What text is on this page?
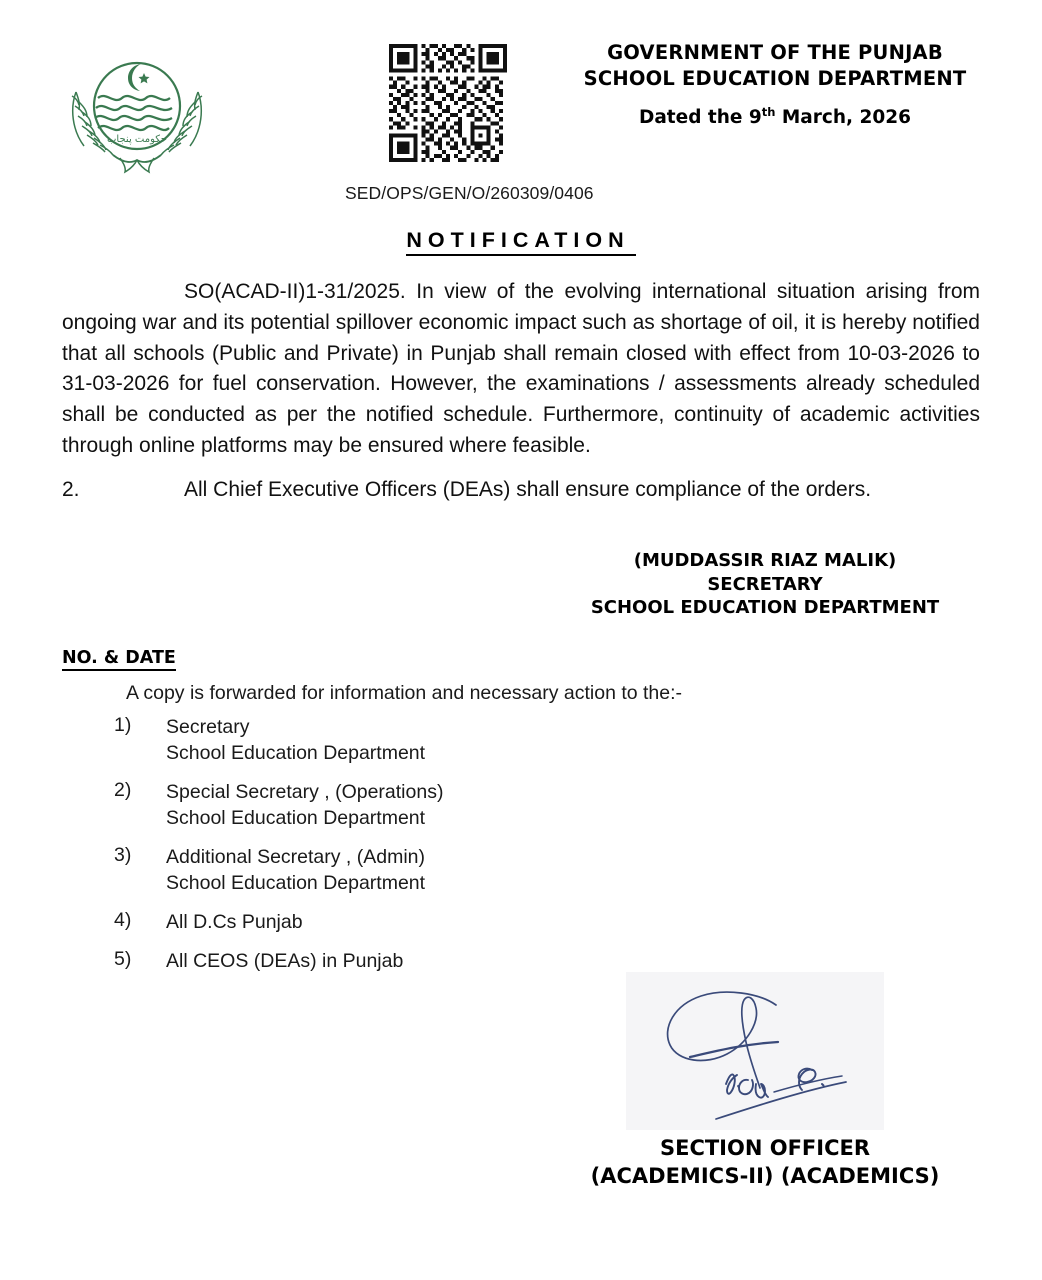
حکومت پنجاب
GOVERNMENT OF THE PUNJAB
SCHOOL EDUCATION DEPARTMENT
Dated the 9th March, 2026
SED/OPS/GEN/O/260309/0406
NOTIFICATION

SO(ACAD-II)1-31/2025. In view of the evolving international situation arising from ongoing war and its potential spillover economic impact such as shortage of oil, it is hereby notified that all schools (Public and Private) in Punjab shall remain closed with effect from 10-03-2026 to 31-03-2026 for fuel conservation. However, the examinations / assessments already scheduled shall be conducted as per the notified schedule. Furthermore, continuity of academic activities through online platforms may be ensured where feasible.

2.	All Chief Executive Officers (DEAs) shall ensure compliance of the orders.
(MUDDASSIR RIAZ MALIK)
SECRETARY
SCHOOL EDUCATION DEPARTMENT
NO. & DATE
A copy is forwarded for information and necessary action to the:-
1) Secretary
School Education Department
2) Special Secretary , (Operations)
School Education Department
3) Additional Secretary , (Admin)
School Education Department
4) All D.Cs Punjab
5) All CEOS (DEAs) in Punjab
SECTION OFFICER
(ACADEMICS-II) (ACADEMICS)
